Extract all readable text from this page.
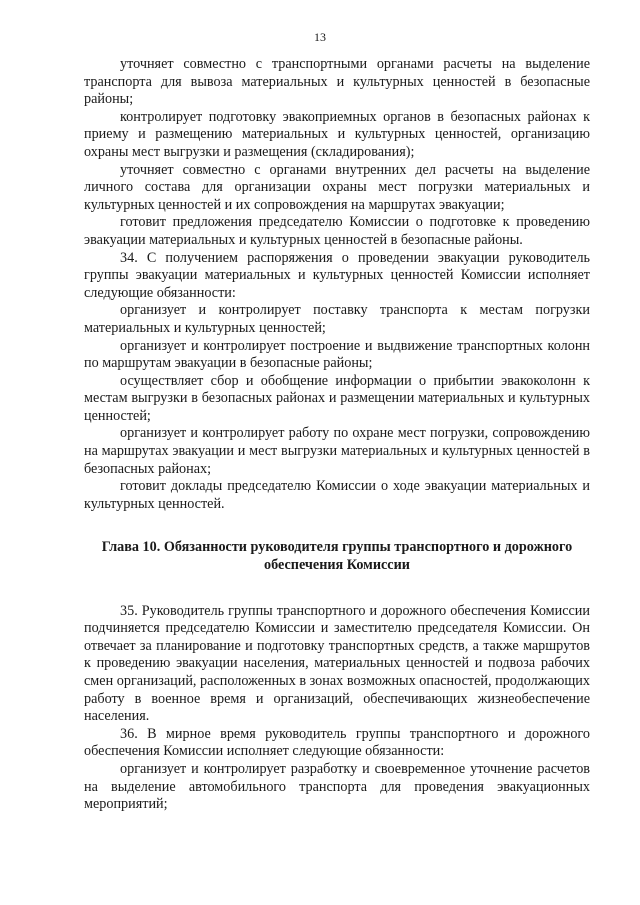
13

уточняет совместно с транспортными органами расчеты на выделение транспорта для вывоза материальных и культурных ценностей в безопасные районы;

контролирует подготовку эвакоприемных органов в безопасных районах к приему и размещению материальных и культурных ценностей, организацию охраны мест выгрузки и размещения (складирования);

уточняет совместно с органами внутренних дел расчеты на выделение личного состава для организации охраны мест погрузки материальных и культурных ценностей и их сопровождения на маршрутах эвакуации;

готовит предложения председателю Комиссии о подготовке к проведению эвакуации материальных и культурных ценностей в безопасные районы.

34. С получением распоряжения о проведении эвакуации руководитель группы эвакуации материальных и культурных ценностей Комиссии исполняет следующие обязанности:

организует и контролирует поставку транспорта к местам погрузки материальных и культурных ценностей;

организует и контролирует построение и выдвижение транспортных колонн по маршрутам эвакуации в безопасные районы;

осуществляет сбор и обобщение информации о прибытии эвакоколонн к местам выгрузки в безопасных районах и размещении материальных и культурных ценностей;

организует и контролирует работу по охране мест погрузки, сопровождению на маршрутах эвакуации и мест выгрузки материальных и культурных ценностей в безопасных районах;

готовит доклады председателю Комиссии о ходе эвакуации материальных и культурных ценностей.

Глава 10. Обязанности руководителя группы транспортного и дорожного обеспечения Комиссии

35. Руководитель группы транспортного и дорожного обеспечения Комиссии подчиняется председателю Комиссии и заместителю председателя Комиссии. Он отвечает за планирование и подготовку транспортных средств, а также маршрутов к проведению эвакуации населения, материальных ценностей и подвоза рабочих смен организаций, расположенных в зонах возможных опасностей, продолжающих работу в военное время и организаций, обеспечивающих жизнеобеспечение населения.

36. В мирное время руководитель группы транспортного и дорожного обеспечения Комиссии исполняет следующие обязанности:

организует и контролирует разработку и своевременное уточнение расчетов на выделение автомобильного транспорта для проведения эвакуационных мероприятий;
